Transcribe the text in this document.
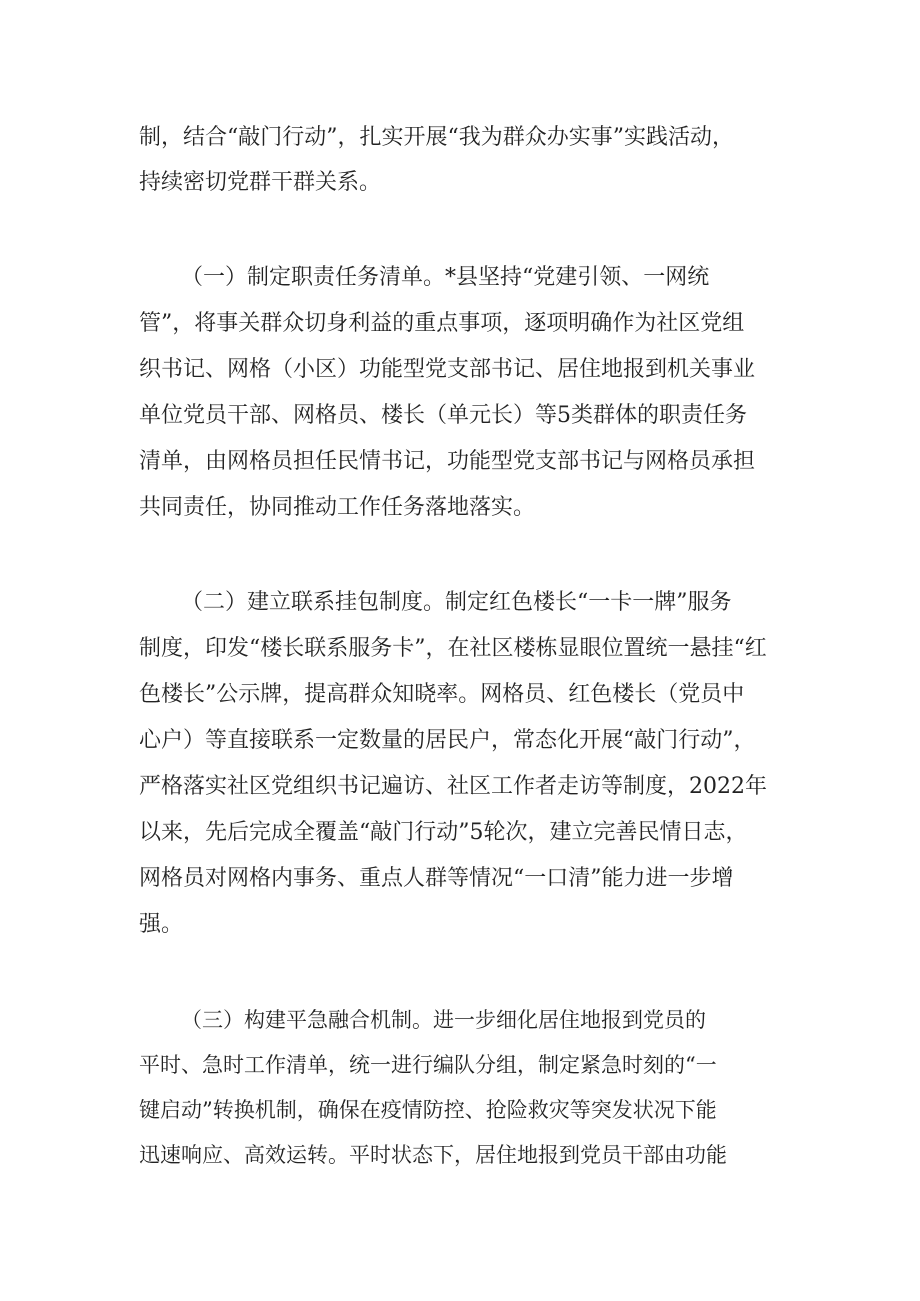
制，结合“敲门行动”，扎实开展“我为群众办实事”实践活动，
持续密切党群干群关系。
（一）制定职责任务清单。*县坚持“党建引领、一网统
管”，将事关群众切身利益的重点事项，逐项明确作为社区党组
织书记、网格（小区）功能型党支部书记、居住地报到机关事业
单位党员干部、网格员、楼长（单元长）等5类群体的职责任务
清单，由网格员担任民情书记，功能型党支部书记与网格员承担
共同责任，协同推动工作任务落地落实。
（二）建立联系挂包制度。制定红色楼长“一卡一牌”服务
制度，印发“楼长联系服务卡”，在社区楼栋显眼位置统一悬挂“红
色楼长”公示牌，提高群众知晓率。网格员、红色楼长（党员中
心户）等直接联系一定数量的居民户，常态化开展“敲门行动”，
严格落实社区党组织书记遍访、社区工作者走访等制度，2022年
以来，先后完成全覆盖“敲门行动”5轮次，建立完善民情日志，
网格员对网格内事务、重点人群等情况“一口清”能力进一步增
强。
（三）构建平急融合机制。进一步细化居住地报到党员的
平时、急时工作清单，统一进行编队分组，制定紧急时刻的“一
键启动”转换机制，确保在疫情防控、抢险救灾等突发状况下能
迅速响应、高效运转。平时状态下，居住地报到党员干部由功能
